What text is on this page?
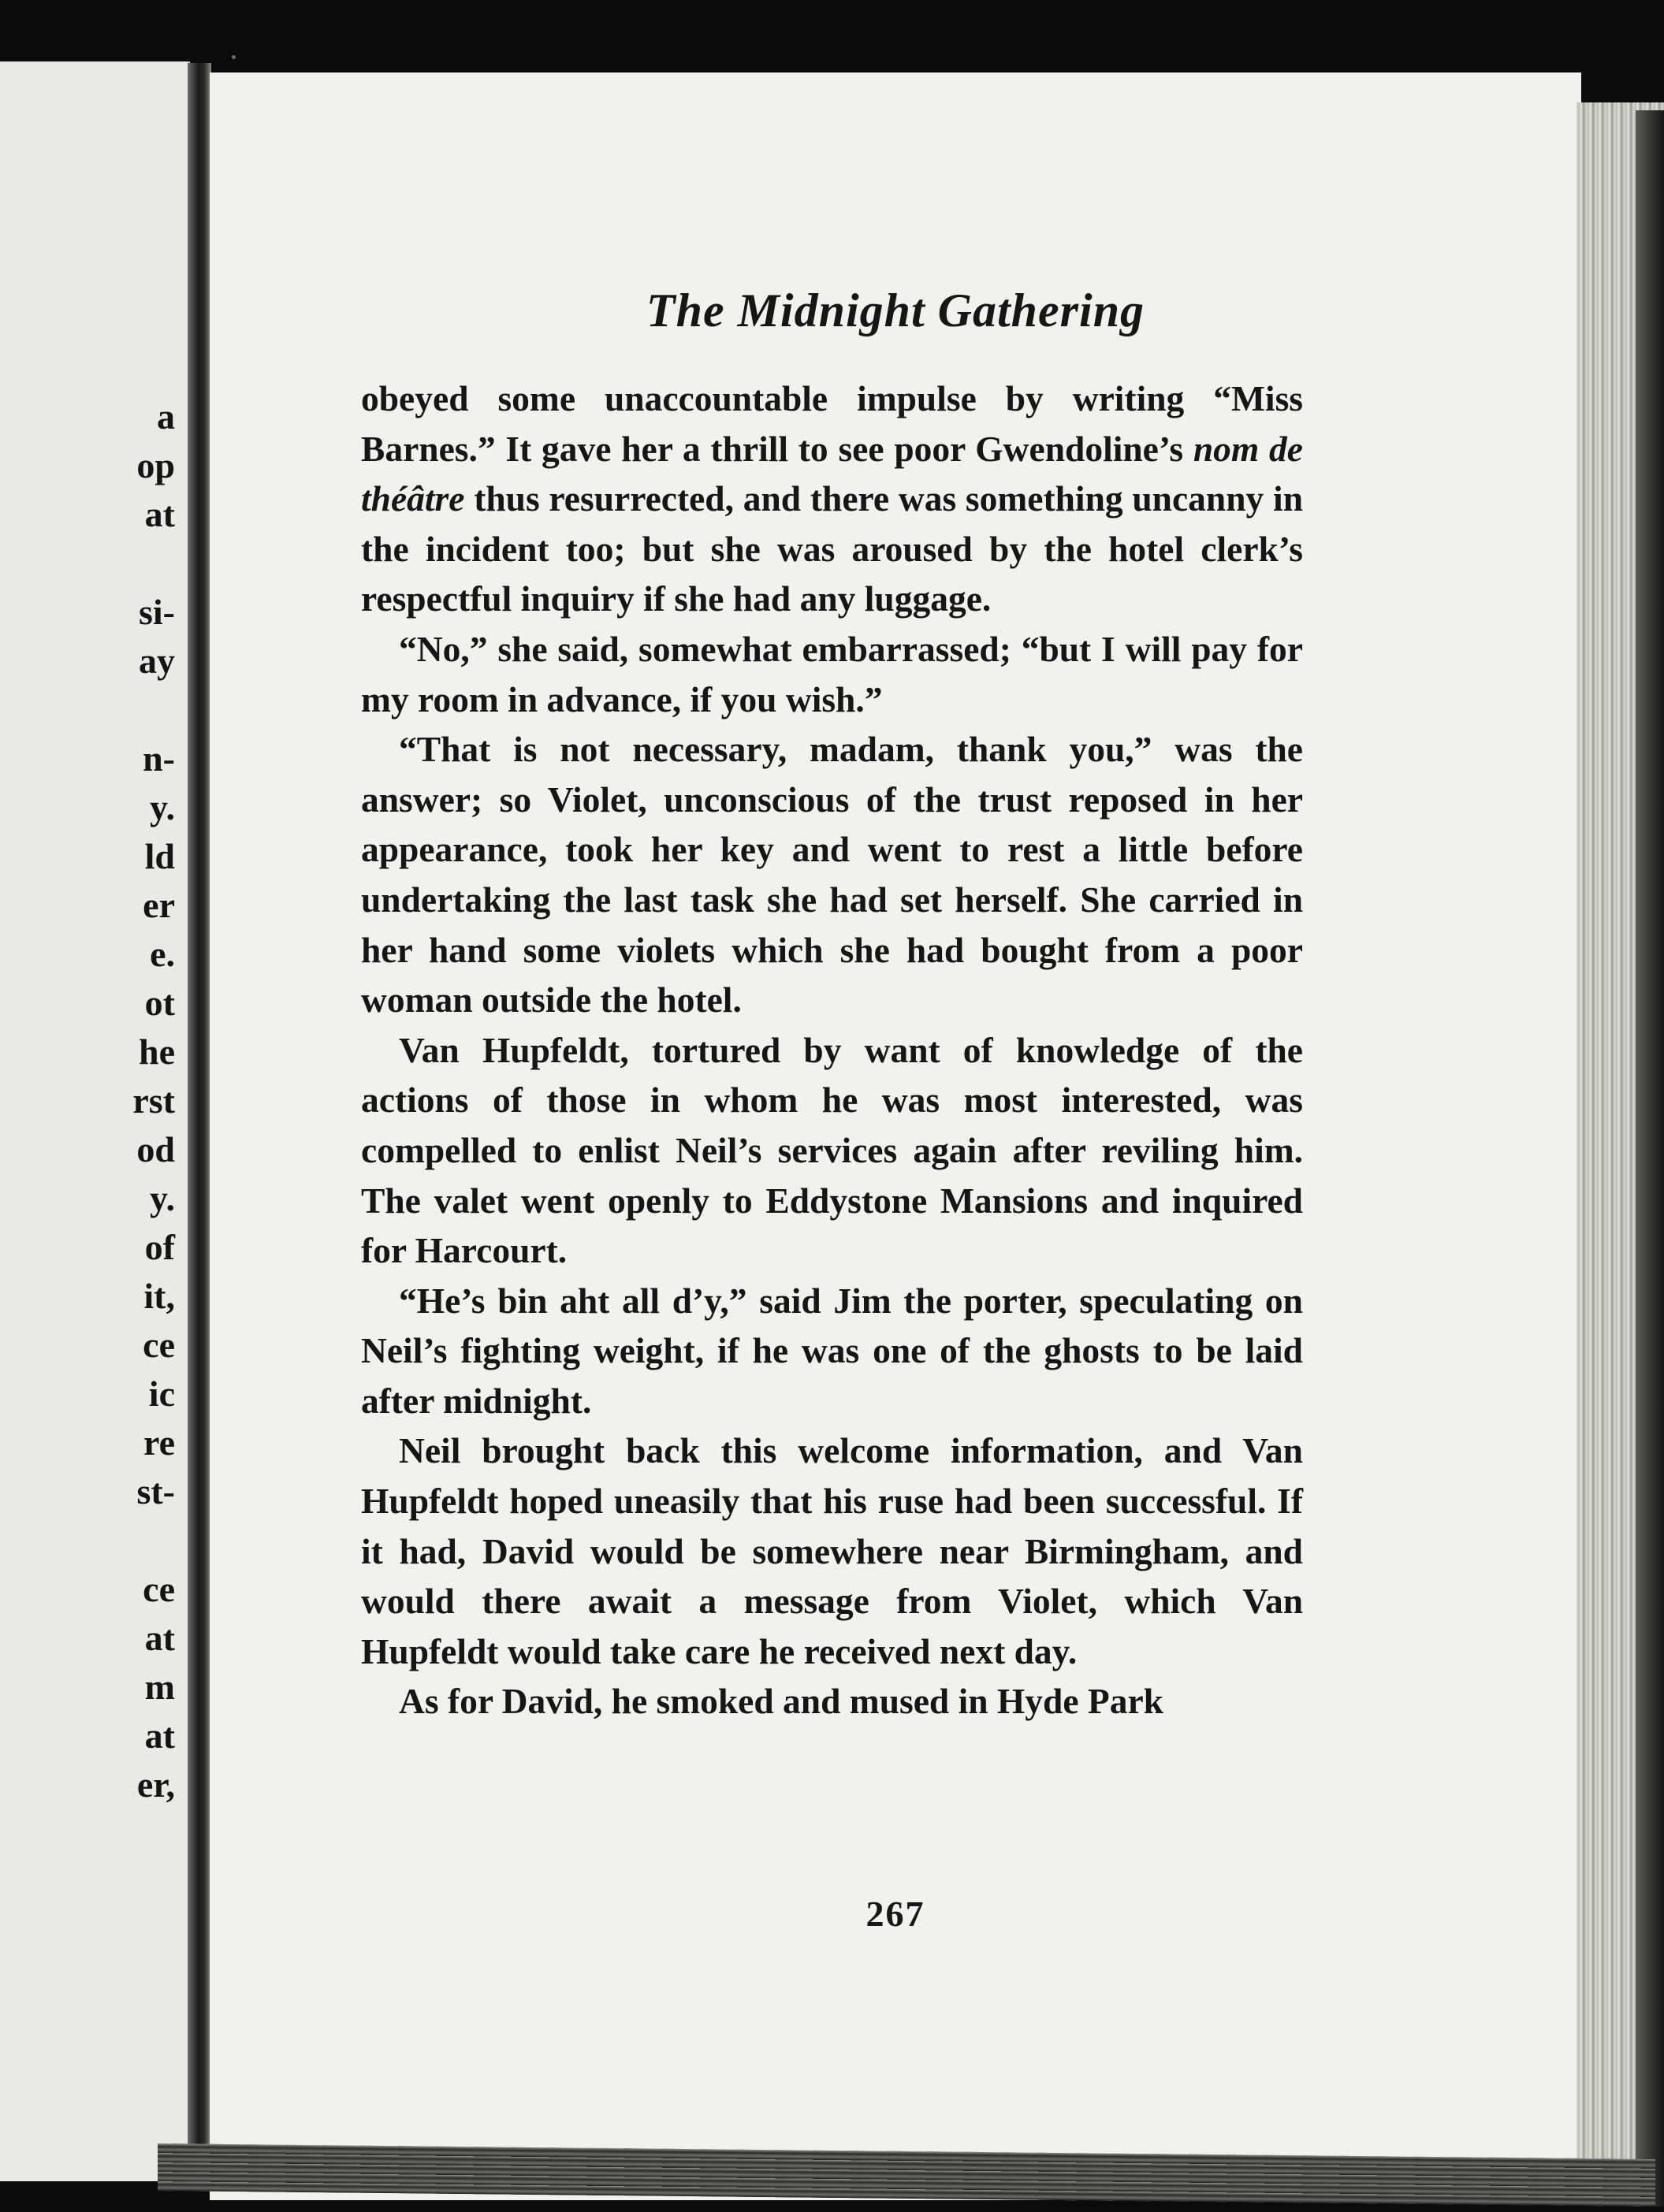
a
op
at

si-
ay

n-
y.
ld
er
e.
ot
he
rst
od
y.
of
it,
ce
ic
re
st-

ce
at
m
at
er,
The Midnight Gathering

obeyed some unaccountable impulse by writing “Miss Barnes.” It gave her a thrill to see poor Gwendoline’s nom de théâtre thus resurrected, and there was something uncanny in the incident too; but she was aroused by the hotel clerk’s respectful inquiry if she had any luggage.

“No,” she said, somewhat embarrassed; “but I will pay for my room in advance, if you wish.”

“That is not necessary, madam, thank you,” was the answer; so Violet, unconscious of the trust reposed in her appearance, took her key and went to rest a little before undertaking the last task she had set herself. She carried in her hand some violets which she had bought from a poor woman outside the hotel.

Van Hupfeldt, tortured by want of knowledge of the actions of those in whom he was most interested, was compelled to enlist Neil’s services again after reviling him. The valet went openly to Eddystone Mansions and inquired for Harcourt.

“He’s bin aht all d’y,” said Jim the porter, speculating on Neil’s fighting weight, if he was one of the ghosts to be laid after midnight.

Neil brought back this welcome information, and Van Hupfeldt hoped uneasily that his ruse had been successful. If it had, David would be somewhere near Birmingham, and would there await a message from Violet, which Van Hupfeldt would take care he received next day.

As for David, he smoked and mused in Hyde Park

267
